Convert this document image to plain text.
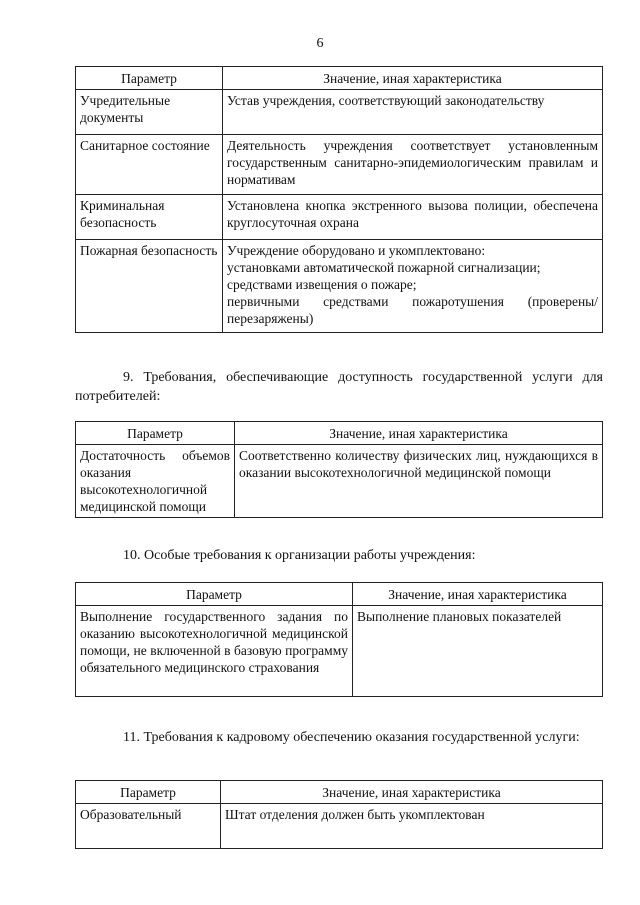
6
Параметр	Значение, иная характеристика
Учредительные документы	Устав учреждения, соответствующий законодательству
Санитарное состояние	Деятельность учреждения соответствует установленным государственным санитарно-эпидемиологическим правилам и нормативам
Криминальная безопасность	Установлена кнопка экстренного вызова полиции, обеспечена круглосуточная охрана
Пожарная безопасность	Учреждение оборудовано и укомплектовано:
установками автоматической пожарной сигнализации;
средствами извещения о пожаре;
первичными средствами пожаротушения (проверены/перезаряжены)
9. Требования, обеспечивающие доступность государственной услуги для потребителей:
Параметр	Значение, иная характеристика
Достаточность объемов оказания высокотехнологичной медицинской помощи	Соответственно количеству физических лиц, нуждающихся в оказании высокотехнологичной медицинской помощи
10. Особые требования к организации работы учреждения:
Параметр	Значение, иная характеристика
Выполнение государственного задания по оказанию высокотехнологичной медицинской помощи, не включенной в базовую программу обязательного медицинского страхования	Выполнение плановых показателей
11. Требования к кадровому обеспечению оказания государственной услуги:
Параметр	Значение, иная характеристика
Образовательный	Штат отделения должен быть укомплектован
